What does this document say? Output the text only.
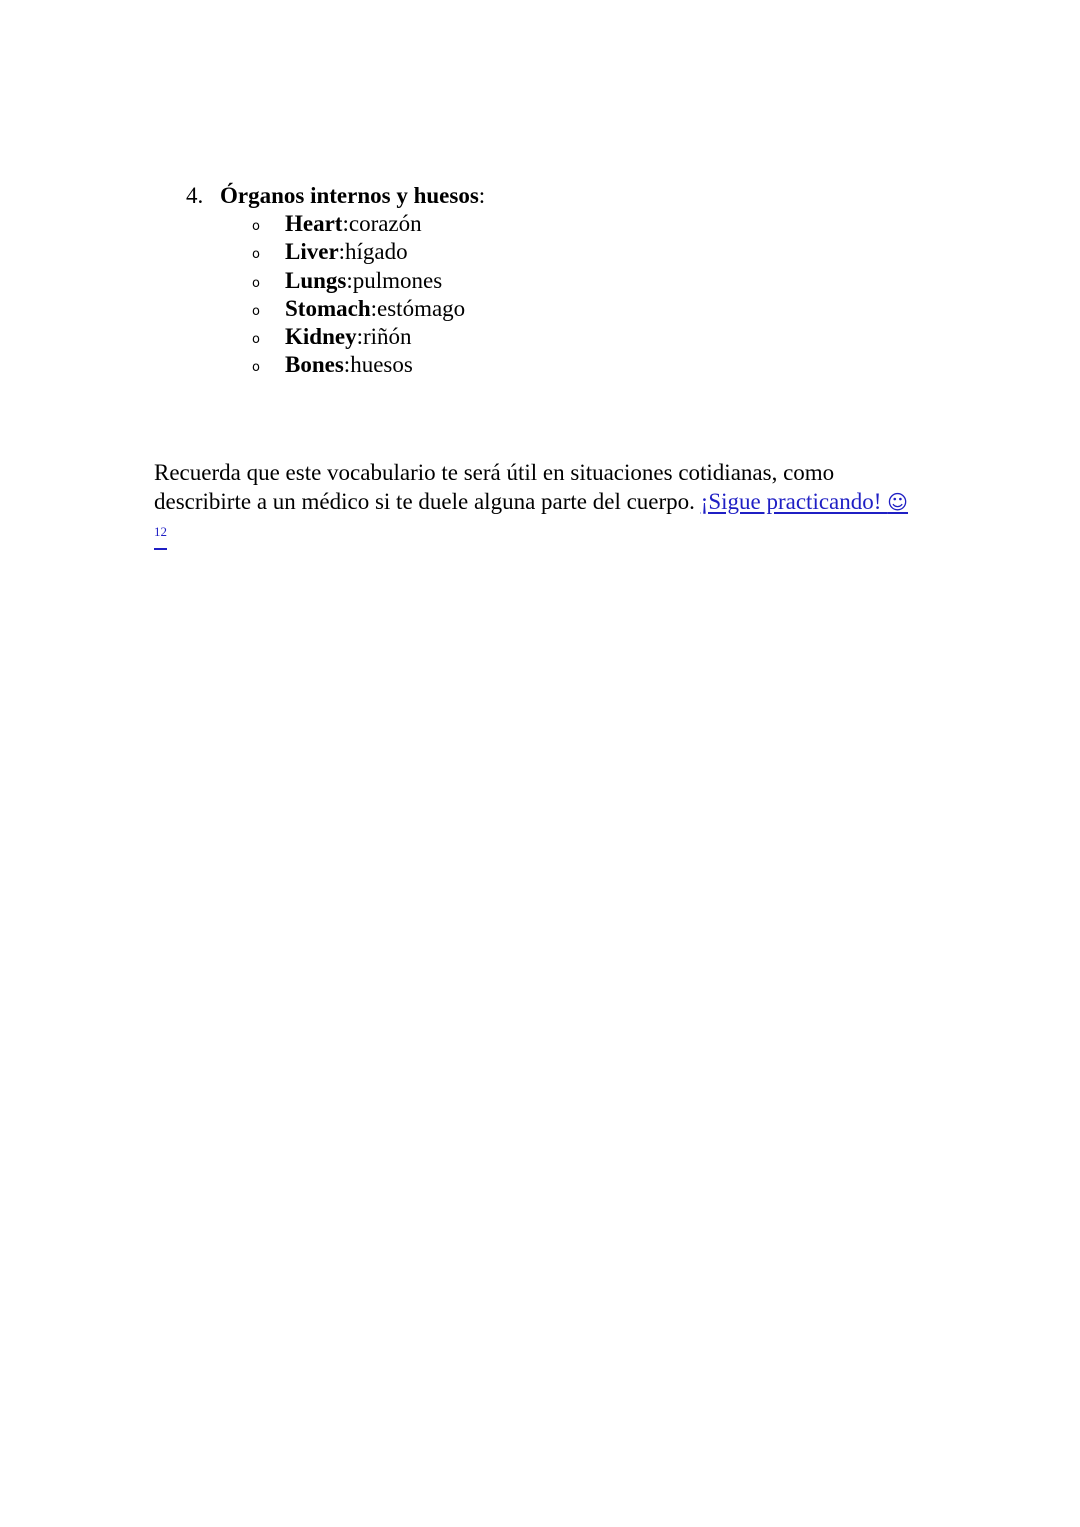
4. Órganos internos y huesos :
o	Heart : corazón
o	Liver : hígado
o	Lungs : pulmones
o	Stomach : estómago
o	Kidney : riñón
o	Bones : huesos

Recuerda que este vocabulario te será útil en situaciones cotidianas, como describirte a un médico si te duele alguna parte del cuerpo. ¡Sigue practicando! ☺$^{12}$
